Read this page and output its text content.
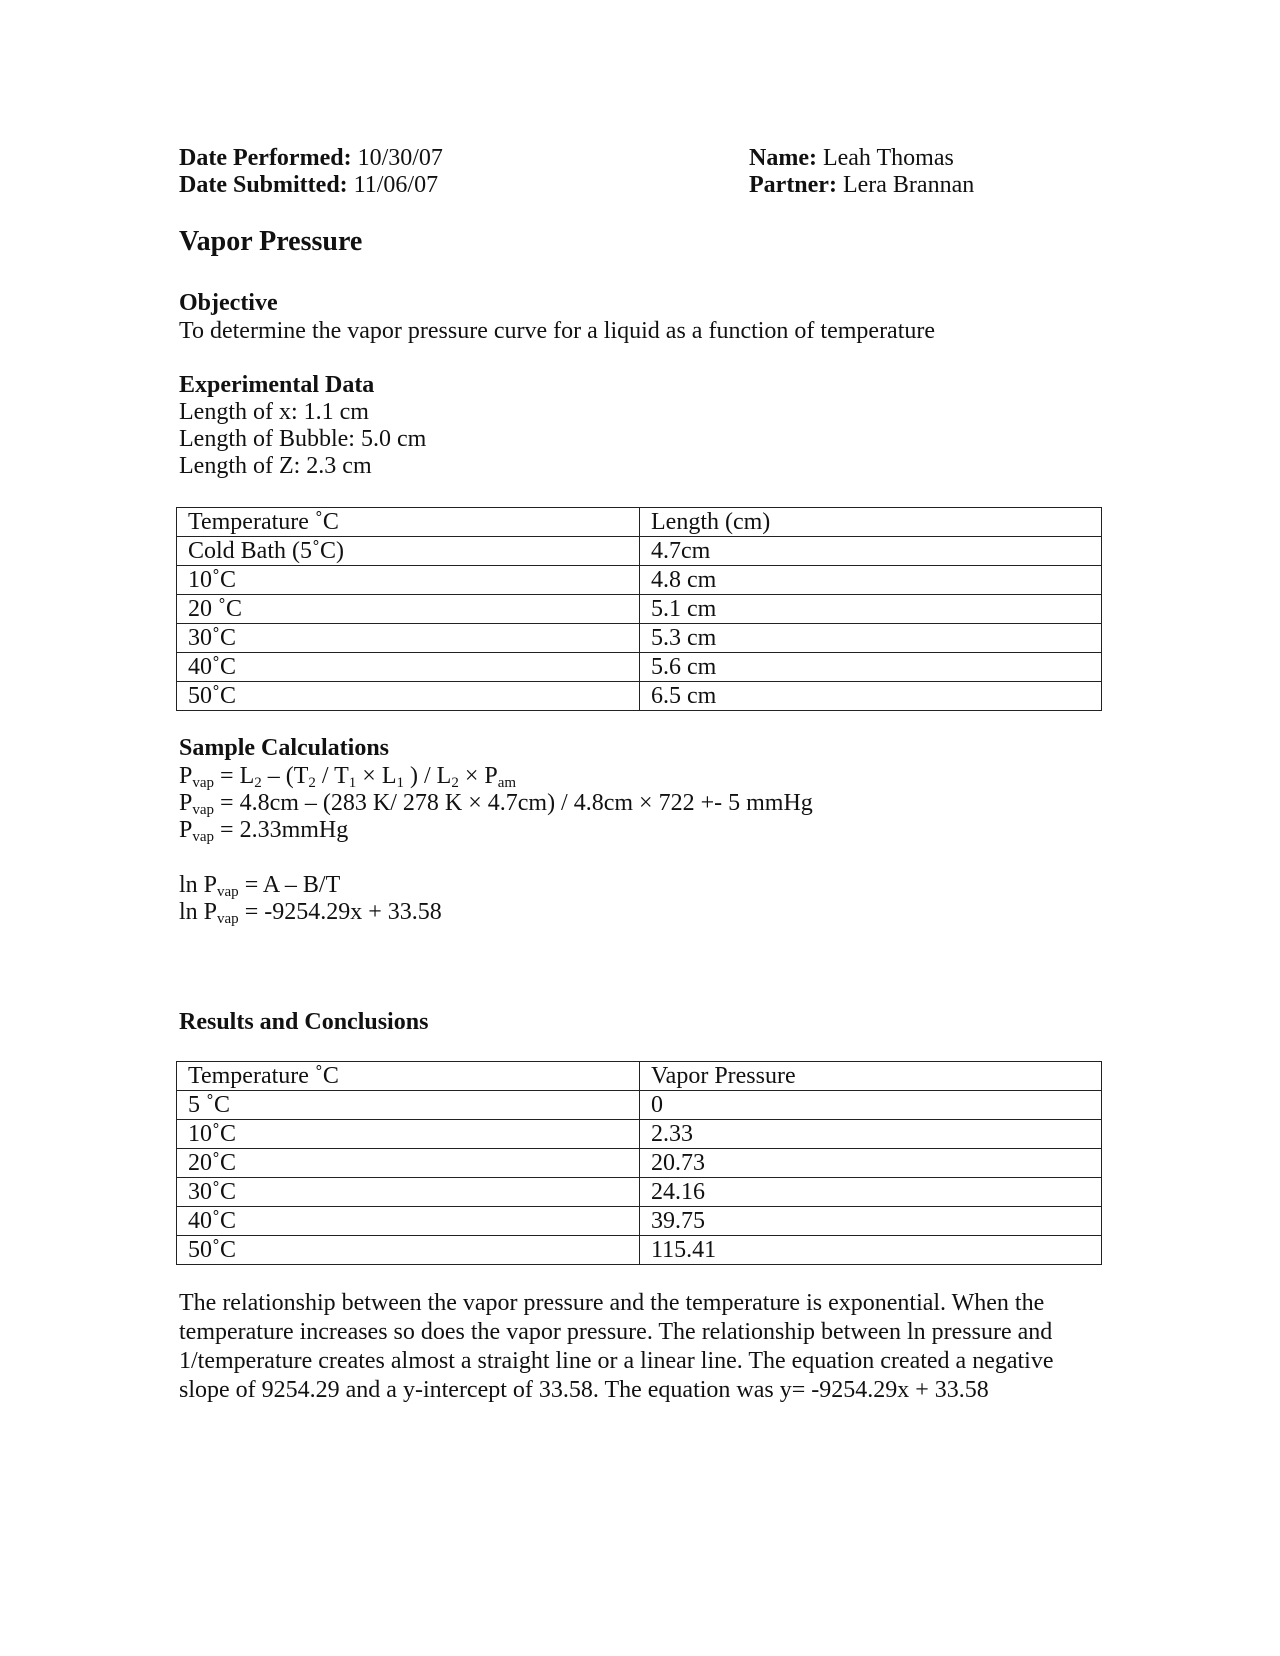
Date Performed: 10/30/07
Date Submitted: 11/06/07
Name: Leah Thomas
Partner: Lera Brannan
Vapor Pressure
Objective
To determine the vapor pressure curve for a liquid as a function of temperature
Experimental Data
Length of x: 1.1 cm
Length of Bubble: 5.0 cm
Length of Z: 2.3 cm
Temperature ˚C	Length (cm)
Cold Bath (5˚C)	4.7cm
10˚C	4.8 cm
20 ˚C	5.1 cm
30˚C	5.3 cm
40˚C	5.6 cm
50˚C	6.5 cm
Sample Calculations
$P_{vap} = L_2 - (T_2 / T_1 \times L_1$ ) / $L_2 \times P_{am}$
$P_{vap} = 4.8cm - (283$ K/ 278 K × 4.7cm) / 4.8cm × 722 +- 5 mmHg
$P_{vap}$ = 2.33mmHg
$\ln P_{vap} = A - B/T$
$\ln P_{vap} = -9254.29x + 33.58$
Results and Conclusions
Temperature ˚C	Vapor Pressure
5 ˚C	0
10˚C	2.33
20˚C	20.73
30˚C	24.16
40˚C	39.75
50˚C	115.41
The relationship between the vapor pressure and the temperature is exponential. When the temperature increases so does the vapor pressure. The relationship between ln pressure and 1/temperature creates almost a straight line or a linear line. The equation created a negative slope of 9254.29 and a y-intercept of 33.58. The equation was y= -9254.29x + 33.58
